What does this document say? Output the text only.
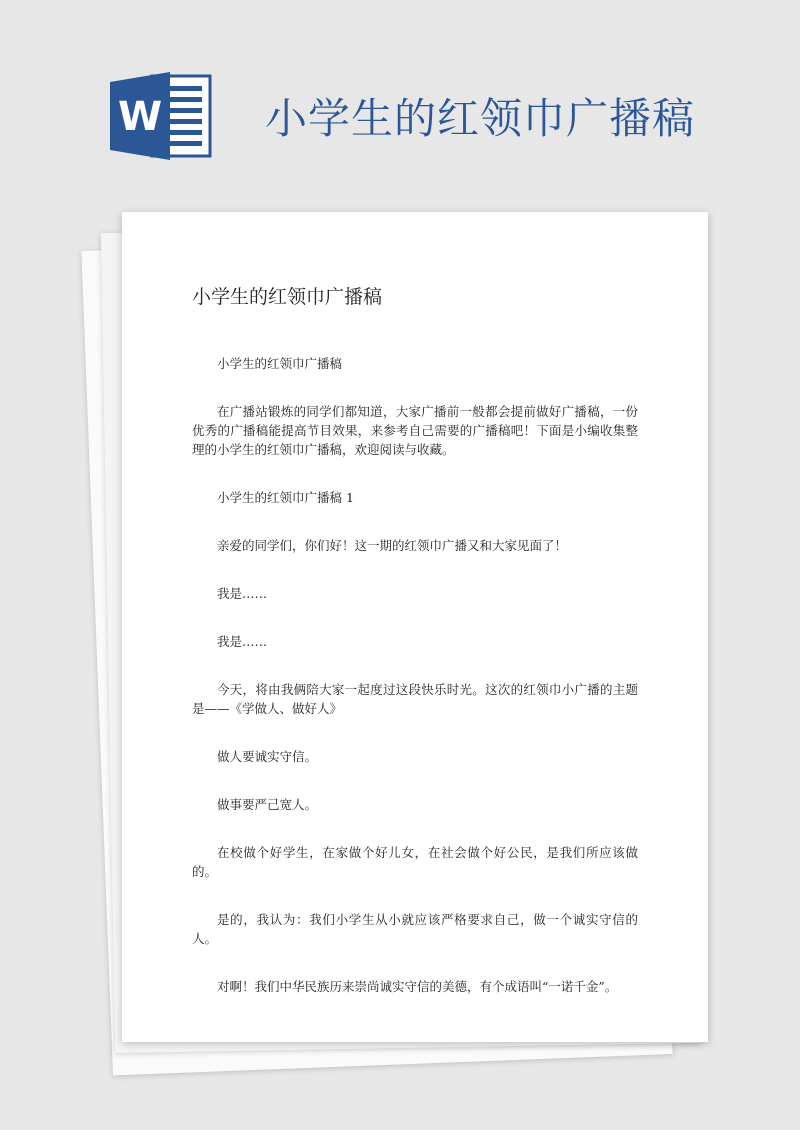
W 小学生的红领巾广播稿
小学生的红领巾广播稿

小学生的红领巾广播稿

在广播站锻炼的同学们都知道，大家广播前一般都会提前做好广播稿，一份优秀的广播稿能提高节目效果，来参考自己需要的广播稿吧！下面是小编收集整理的小学生的红领巾广播稿，欢迎阅读与收藏。

小学生的红领巾广播稿 1

亲爱的同学们，你们好！这一期的红领巾广播又和大家见面了！

我是……

我是……

今天，将由我俩陪大家一起度过这段快乐时光。这次的红领巾小广播的主题是——《学做人、做好人》

做人要诚实守信。

做事要严己宽人。

在校做个好学生，在家做个好儿女，在社会做个好公民，是我们所应该做的。

是的，我认为：我们小学生从小就应该严格要求自己，做一个诚实守信的人。

对啊！我们中华民族历来崇尚诚实守信的美德，有个成语叫“一诺千金”。
